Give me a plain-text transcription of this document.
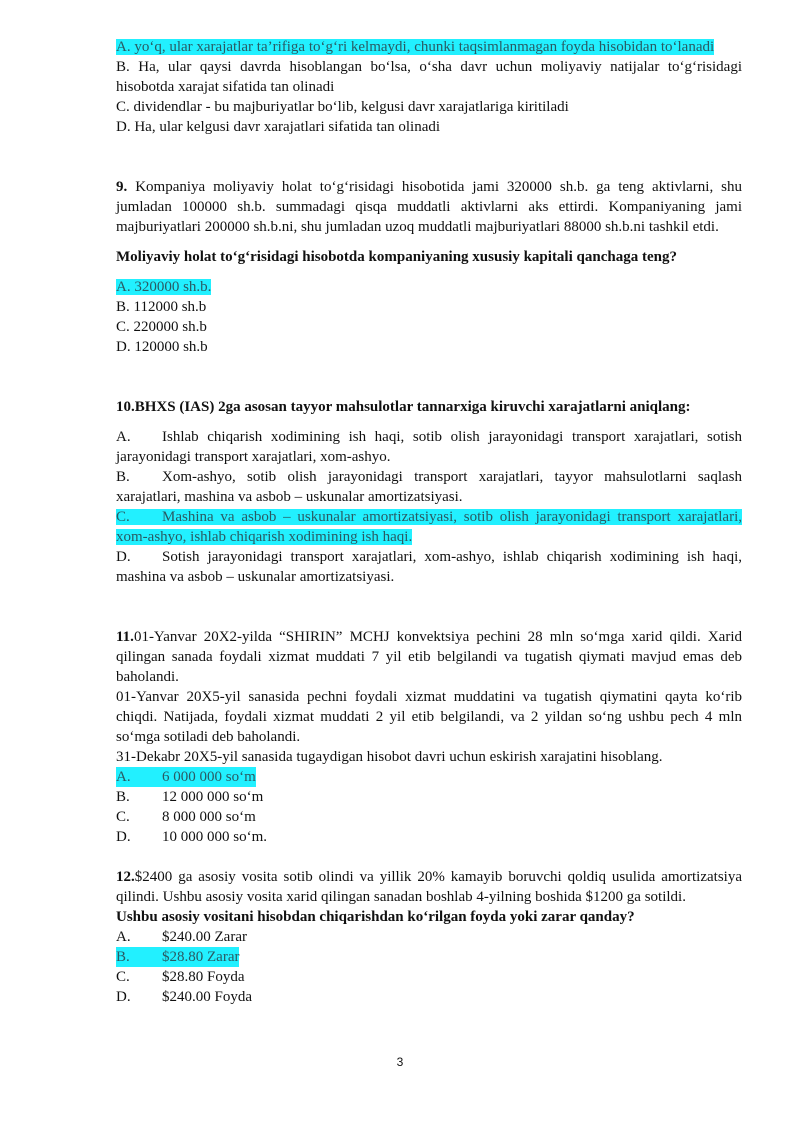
A. yo‘q, ular xarajatlar ta’rifiga to‘g‘ri kelmaydi, chunki taqsimlanmagan foyda hisobidan to‘lanadi

B. Ha, ular qaysi davrda hisoblangan bo‘lsa, o‘sha davr uchun moliyaviy natijalar to‘g‘risidagi hisobotda xarajat sifatida tan olinadi

C. dividendlar - bu majburiyatlar bo‘lib, kelgusi davr xarajatlariga kiritiladi

D. Ha, ular kelgusi davr xarajatlari sifatida tan olinadi

9. Kompaniya moliyaviy holat to‘g‘risidagi hisobotida jami 320000 sh.b. ga teng aktivlarni, shu jumladan 100000 sh.b. summadagi qisqa muddatli aktivlarni aks ettirdi. Kompaniyaning jami majburiyatlari 200000 sh.b.ni, shu jumladan uzoq muddatli majburiyatlari 88000 sh.b.ni tashkil etdi.

Moliyaviy holat to‘g‘risidagi hisobotda kompaniyaning xususiy kapitali qanchaga teng?

A. 320000 sh.b.

B. 112000 sh.b

C. 220000 sh.b

D. 120000 sh.b

10.BHXS (IAS) 2ga asosan tayyor mahsulotlar tannarxiga kiruvchi xarajatlarni aniqlang:

A. Ishlab chiqarish xodimining ish haqi, sotib olish jarayonidagi transport xarajatlari, sotish jarayonidagi transport xarajatlari, xom-ashyo.

B. Xom-ashyo, sotib olish jarayonidagi transport xarajatlari, tayyor mahsulotlarni saqlash xarajatlari, mashina va asbob – uskunalar amortizatsiyasi.

C. Mashina va asbob – uskunalar amortizatsiyasi, sotib olish jarayonidagi transport xarajatlari, xom-ashyo, ishlab chiqarish xodimining ish haqi.

D. Sotish jarayonidagi transport xarajatlari, xom-ashyo, ishlab chiqarish xodimining ish haqi, mashina va asbob – uskunalar amortizatsiyasi.

11.01-Yanvar 20X2-yilda “SHIRIN” MCHJ konvektsiya pechini 28 mln so‘mga xarid qildi. Xarid qilingan sanada foydali xizmat muddati 7 yil etib belgilandi va tugatish qiymati mavjud emas deb baholandi.

01-Yanvar 20X5-yil sanasida pechni foydali xizmat muddatini va tugatish qiymatini qayta ko‘rib chiqdi. Natijada, foydali xizmat muddati 2 yil etib belgilandi, va 2 yildan so‘ng ushbu pech 4 mln so‘mga sotiladi deb baholandi.

31-Dekabr 20X5-yil sanasida tugaydigan hisobot davri uchun eskirish xarajatini hisoblang.

A.	6 000 000 so‘m
B.	12 000 000 so‘m
C.	8 000 000 so‘m
D.	10 000 000 so‘m.

12.$2400 ga asosiy vosita sotib olindi va yillik 20% kamayib boruvchi qoldiq usulida amortizatsiya qilindi. Ushbu asosiy vosita xarid qilingan sanadan boshlab 4-yilning boshida $1200 ga sotildi.

Ushbu asosiy vositani hisobdan chiqarishdan ko‘rilgan foyda yoki zarar qanday?

A.	$240.00 Zarar
B.	$28.80 Zarar
C.	$28.80 Foyda
D.	$240.00 Foyda
3
